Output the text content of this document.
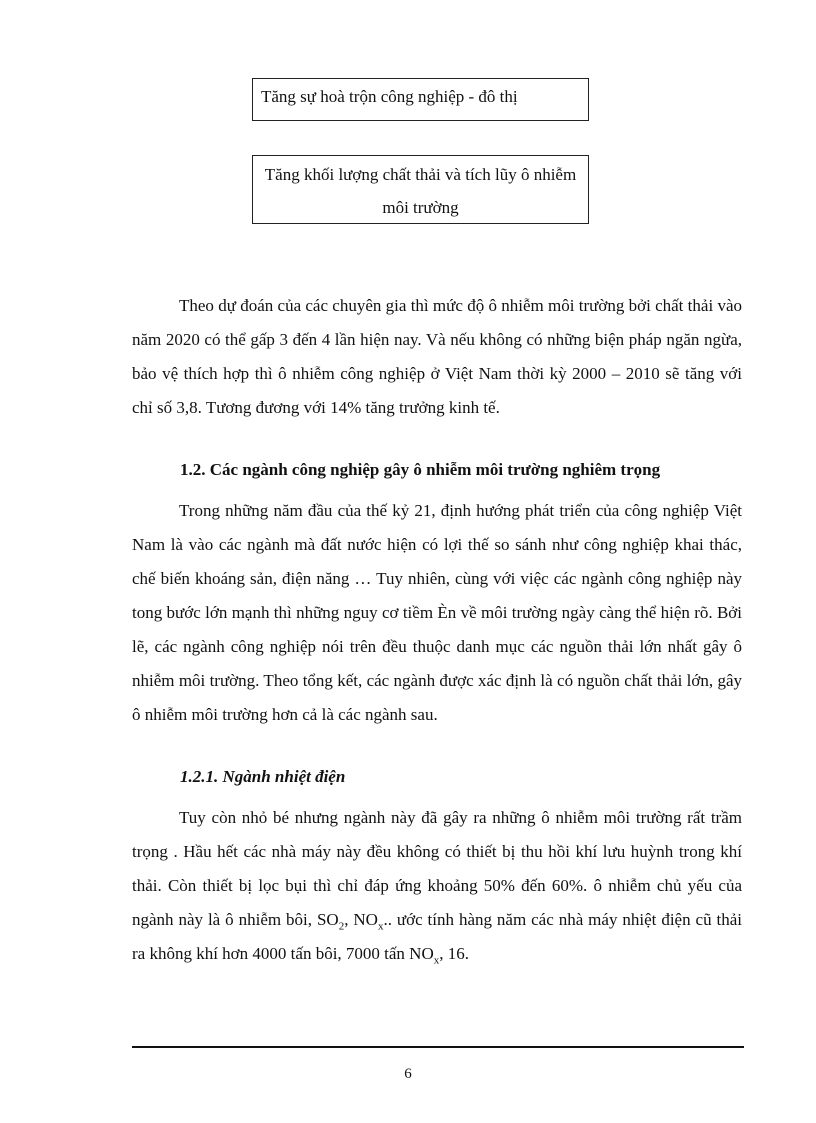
Tăng sự hoà trộn công nghiệp - đô thị
Tăng khối lượng chất thải và tích lũy ô nhiễm môi trường

Theo dự đoán của các chuyên gia thì mức độ ô nhiễm môi trường bởi chất thải vào năm 2020 có thể gấp 3 đến 4 lần hiện nay. Và nếu không có những biện pháp ngăn ngừa, bảo vệ thích hợp thì ô nhiễm công nghiệp ở Việt Nam thời kỳ 2000 – 2010 sẽ tăng với chỉ số 3,8. Tương đương với 14% tăng trưởng kinh tế.

1.2. Các ngành công nghiệp gây ô nhiễm môi trường nghiêm trọng

Trong những năm đầu của thế kỷ 21, định hướng phát triển của công nghiệp Việt Nam là vào các ngành mà đất nước hiện có lợi thế so sánh như công nghiệp khai thác, chế biến khoáng sản, điện năng … Tuy nhiên, cùng với việc các ngành công nghiệp này tong bước lớn mạnh thì những nguy cơ tiềm Èn về môi trường ngày càng thể hiện rõ. Bởi lẽ, các ngành công nghiệp nói trên đều thuộc danh mục các nguồn thải lớn nhất gây ô nhiễm môi trường. Theo tổng kết, các ngành được xác định là có nguồn chất thải lớn, gây ô nhiễm môi trường hơn cả là các ngành sau.

1.2.1. Ngành nhiệt điện

Tuy còn nhỏ bé nhưng ngành này đã gây ra những ô nhiễm môi trường rất trầm trọng . Hầu hết các nhà máy này đều không có thiết bị thu hồi khí lưu huỳnh trong khí thải. Còn thiết bị lọc bụi thì chỉ đáp ứng khoảng 50% đến 60%. ô nhiễm chủ yếu của ngành này là ô nhiễm bôi, $SO_2$, $NO_x$.. ước tính hàng năm các nhà máy nhiệt điện cũ thải ra không khí hơn 4000 tấn bôi, 7000 tấn $NO_x$, 16.

6
